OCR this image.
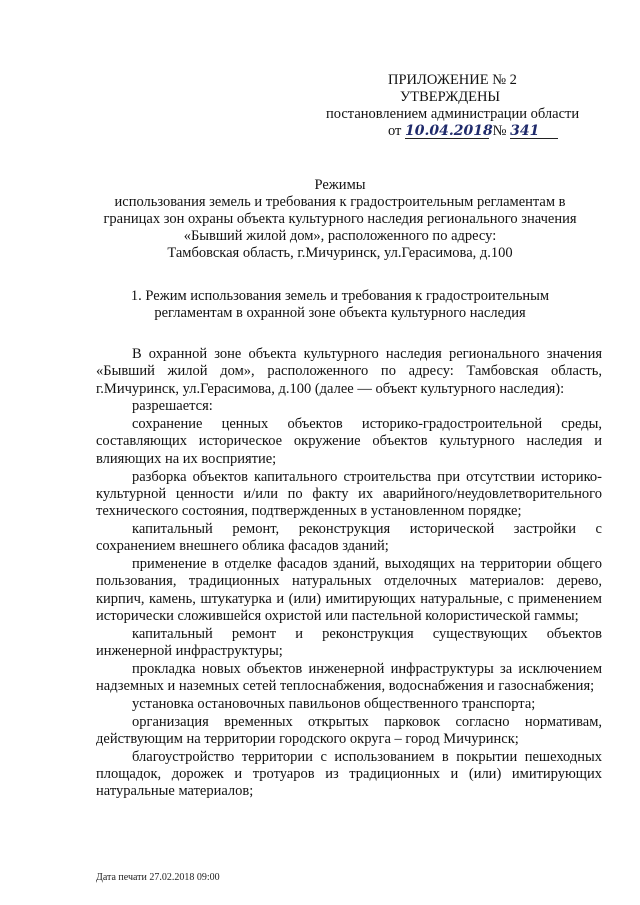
ПРИЛОЖЕНИЕ № 2
УТВЕРЖДЕНЫ
постановлением администрации области
от 10.04.2018
№ 341
Режимы
использования земель и требования к градостроительным регламентам в
границах зон охраны объекта культурного наследия регионального значения
«Бывший жилой дом», расположенного по адресу:
Тамбовская область, г.Мичуринск, ул.Герасимова, д.100
1. Режим использования земель и требования к градостроительным
регламентам в охранной зоне объекта культурного наследия

В охранной зоне объекта культурного наследия регионального значения «Бывший жилой дом», расположенного по адресу: Тамбовская область, г.Мичуринск, ул.Герасимова, д.100 (далее — объект культурного наследия):

разрешается:

сохранение ценных объектов историко-градостроительной среды, составляющих историческое окружение объектов культурного наследия и влияющих на их восприятие;

разборка объектов капитального строительства при отсутствии историко-культурной ценности и/или по факту их аварийного/неудовлетворительного технического состояния, подтвержденных в установленном порядке;

капитальный ремонт, реконструкция исторической застройки с сохранением внешнего облика фасадов зданий;

применение в отделке фасадов зданий, выходящих на территории общего пользования, традиционных натуральных отделочных материалов: дерево, кирпич, камень, штукатурка и (или) имитирующих натуральные, с применением исторически сложившейся охристой или пастельной колористической гаммы;

капитальный ремонт и реконструкция существующих объектов инженерной инфраструктуры;

прокладка новых объектов инженерной инфраструктуры за исключением надземных и наземных сетей теплоснабжения, водоснабжения и газоснабжения;

установка остановочных павильонов общественного транспорта;

организация временных открытых парковок согласно нормативам, действующим на территории городского округа – город Мичуринск;

благоустройство территории с использованием в покрытии пешеходных площадок, дорожек и тротуаров из традиционных и (или) имитирующих натуральные материалов;

Дата печати 27.02.2018 09:00
